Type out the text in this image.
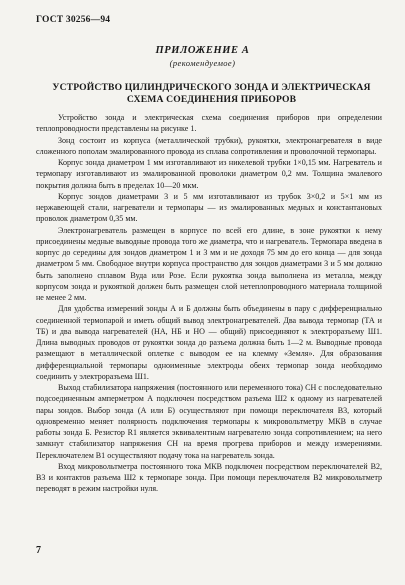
ГОСТ 30256—94
ПРИЛОЖЕНИЕ А
(рекомендуемое)
УСТРОЙСТВО ЦИЛИНДРИЧЕСКОГО ЗОНДА И ЭЛЕКТРИЧЕСКАЯ СХЕМА СОЕДИНЕНИЯ ПРИБОРОВ

Устройство зонда и электрическая схема соединения приборов при определении теплопроводности представлены на рисунке 1.

Зонд состоит из корпуса (металлической трубки), рукоятки, электронагревателя в виде сложенного пополам эмалированного провода из сплава сопротивления и проволочной термопары.

Корпус зонда диаметром 1 мм изготавливают из никелевой трубки 1×0,15 мм. Нагреватель и термопару изготавливают из эмалированной проволоки диаметром 0,2 мм. Толщина эмалевого покрытия должна быть в пределах 10—20 мкм.

Корпус зондов диаметрами 3 и 5 мм изготавливают из трубок 3×0,2 и 5×1 мм из нержавеющей стали, нагреватели и термопары — из эмалированных медных и константановых проволок диаметром 0,35 мм.

Электронагреватель размещен в корпусе по всей его длине, в зоне рукоятки к нему присоединены медные выводные провода того же диаметра, что и нагреватель. Термопара введена в корпус до середины для зондов диаметром 1 и 3 мм и не доходя 75 мм до его конца — для зонда диаметром 5 мм. Свободное внутри корпуса пространство для зондов диаметрами 3 и 5 мм должно быть заполнено сплавом Вуда или Розе. Если рукоятка зонда выполнена из металла, между корпусом зонда и рукояткой должен быть размещен слой нетеплопроводного материала толщиной не менее 2 мм.

Для удобства измерений зонды А и Б должны быть объединены в пару с дифференциально соединенной термопарой и иметь общий вывод электронагревателей. Два вывода термопар (ТА и ТБ) и два вывода нагревателей (НА, НБ и НО — общий) присоединяют к электроразъему Ш1. Длина выводных проводов от рукоятки зонда до разъема должна быть 1—2 м. Выводные провода размещают в металлической оплетке с выводом ее на клемму «Земля». Для образования дифференциальной термопары одноименные электроды обеих термопар зонда необходимо соединить у электроразъема Ш1.

Выход стабилизатора напряжения (постоянного или переменного тока) СН с последовательно подсоединенным амперметром А подключен посредством разъема Ш2 к одному из нагревателей пары зондов. Выбор зонда (А или Б) осуществляют при помощи переключателя В3, который одновременно меняет полярность подключения термопары к микровольтметру МКВ в случае работы зонда Б. Резистор R1 является эквивалентным нагревателю зонда сопротивлением; на него замкнут стабилизатор напряжения СН на время прогрева приборов и между измерениями. Переключателем В1 осуществляют подачу тока на нагреватель зонда.

Вход микровольтметра постоянного тока МКВ подключен посредством переключателей В2, В3 и контактов разъема Ш2 к термопаре зонда. При помощи переключателя В2 микровольтметр переводят в режим настройки нуля.

7
